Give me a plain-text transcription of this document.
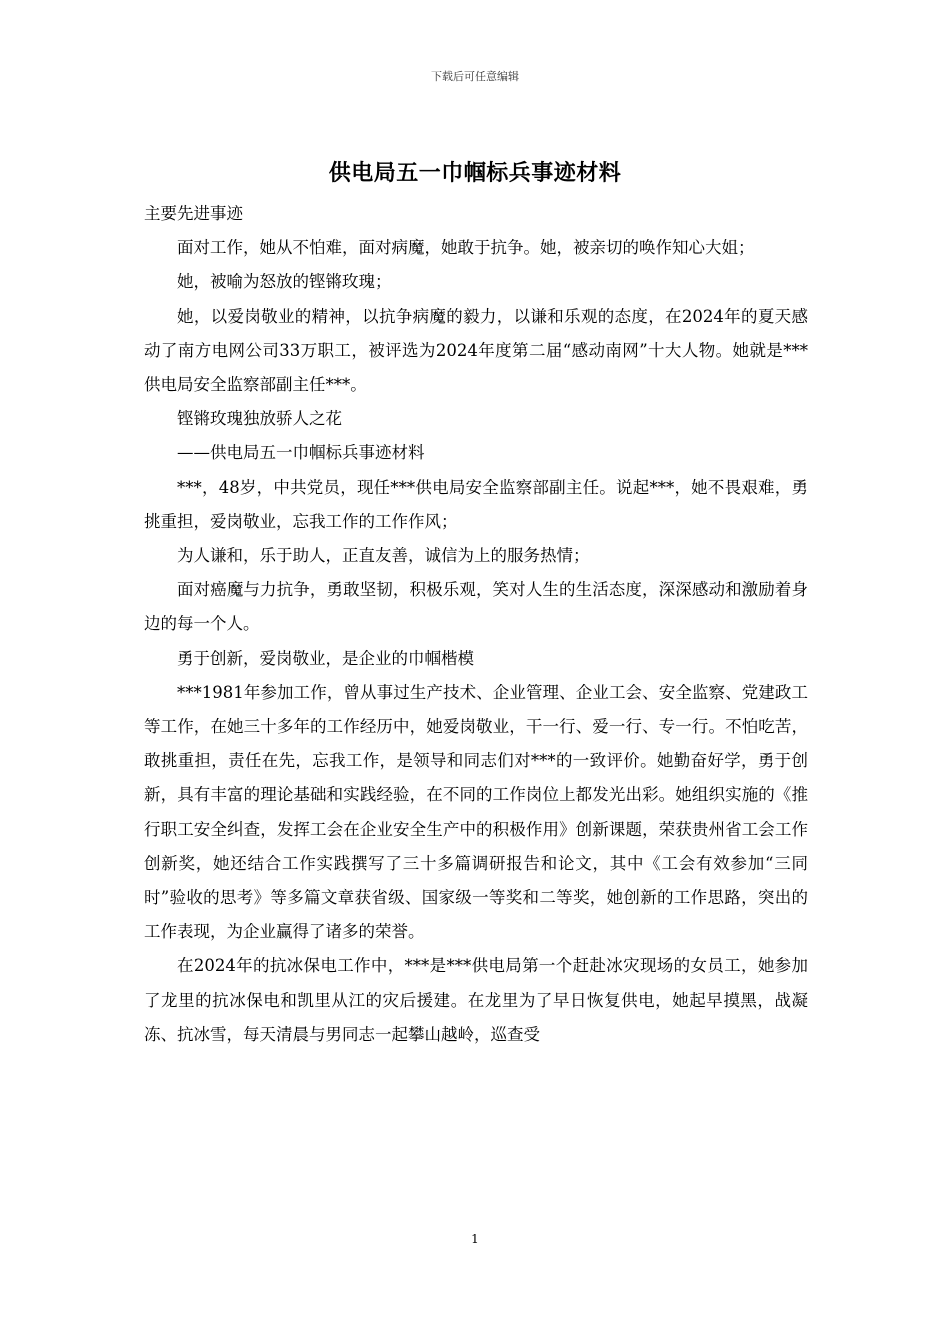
下载后可任意编辑
供电局五一巾帼标兵事迹材料

主要先进事迹

面对工作，她从不怕难，面对病魔，她敢于抗争。她，被亲切的唤作知心大姐；

她，被喻为怒放的铿锵玫瑰；

她，以爱岗敬业的精神，以抗争病魔的毅力，以谦和乐观的态度，在2024年的夏天感动了南方电网公司33万职工，被评选为2024年度第二届“感动南网”十大人物。她就是***供电局安全监察部副主任***。

铿锵玫瑰独放骄人之花

——供电局五一巾帼标兵事迹材料

***，48岁，中共党员，现任***供电局安全监察部副主任。说起***，她不畏艰难，勇挑重担，爱岗敬业，忘我工作的工作作风；

为人谦和，乐于助人，正直友善，诚信为上的服务热情；

面对癌魔与力抗争，勇敢坚韧，积极乐观，笑对人生的生活态度，深深感动和激励着身边的每一个人。

勇于创新，爱岗敬业，是企业的巾帼楷模

***1981年参加工作，曾从事过生产技术、企业管理、企业工会、安全监察、党建政工等工作，在她三十多年的工作经历中，她爱岗敬业，干一行、爱一行、专一行。不怕吃苦，敢挑重担，责任在先，忘我工作，是领导和同志们对***的一致评价。她勤奋好学，勇于创新，具有丰富的理论基础和实践经验，在不同的工作岗位上都发光出彩。她组织实施的《推行职工安全纠查，发挥工会在企业安全生产中的积极作用》创新课题，荣获贵州省工会工作创新奖，她还结合工作实践撰写了三十多篇调研报告和论文，其中《工会有效参加“三同时”验收的思考》等多篇文章获省级、国家级一等奖和二等奖，她创新的工作思路，突出的工作表现，为企业赢得了诸多的荣誉。

在2024年的抗冰保电工作中，***是***供电局第一个赶赴冰灾现场的女员工，她参加了龙里的抗冰保电和凯里从江的灾后援建。在龙里为了早日恢复供电，她起早摸黑，战凝冻、抗冰雪，每天清晨与男同志一起攀山越岭，巡查受

1
